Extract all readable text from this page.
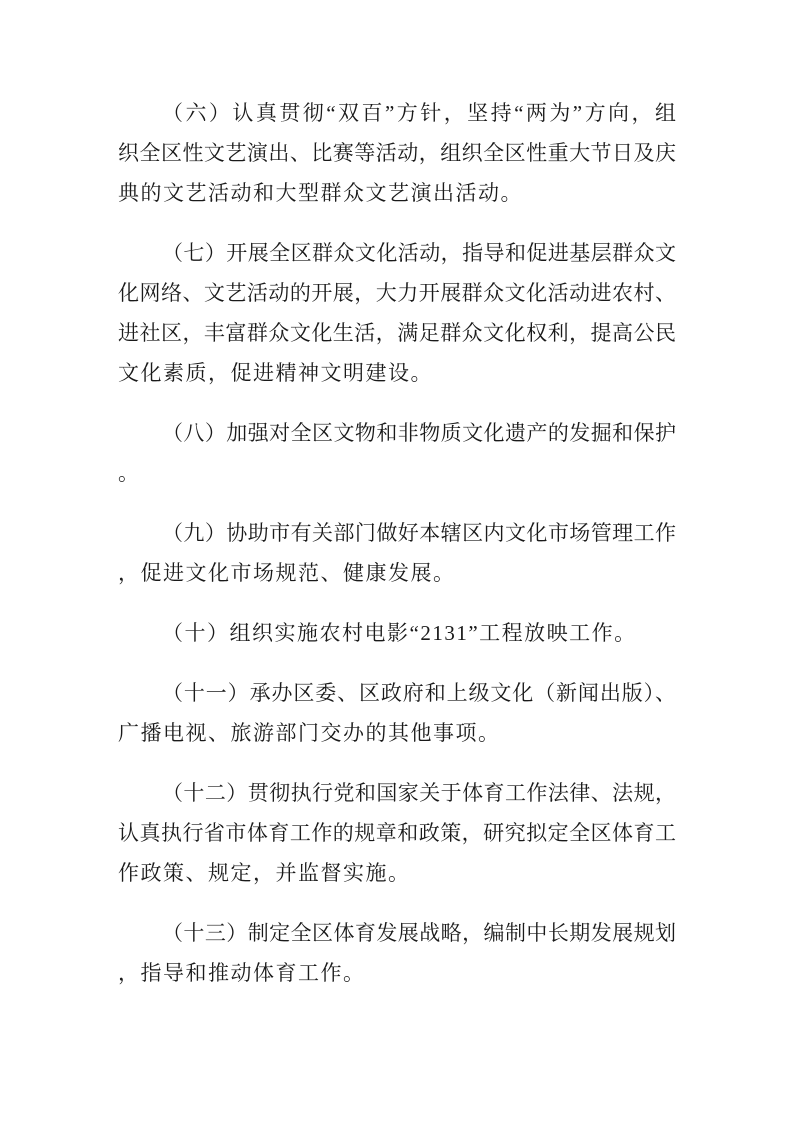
（六）认真贯彻“双百”方针，坚持“两为”方向，组
织全区性文艺演出、比赛等活动，组织全区性重大节日及庆
典的文艺活动和大型群众文艺演出活动。
（七）开展全区群众文化活动，指导和促进基层群众文
化网络、文艺活动的开展，大力开展群众文化活动进农村、
进社区，丰富群众文化生活，满足群众文化权利，提高公民
文化素质，促进精神文明建设。
（八）加强对全区文物和非物质文化遗产的发掘和保护
。
（九）协助市有关部门做好本辖区内文化市场管理工作
，促进文化市场规范、健康发展。
（十）组织实施农村电影“2131”工程放映工作。
（十一）承办区委、区政府和上级文化（新闻出版）、
广播电视、旅游部门交办的其他事项。
（十二）贯彻执行党和国家关于体育工作法律、法规，
认真执行省市体育工作的规章和政策，研究拟定全区体育工
作政策、规定，并监督实施。
（十三）制定全区体育发展战略，编制中长期发展规划
，指导和推动体育工作。
